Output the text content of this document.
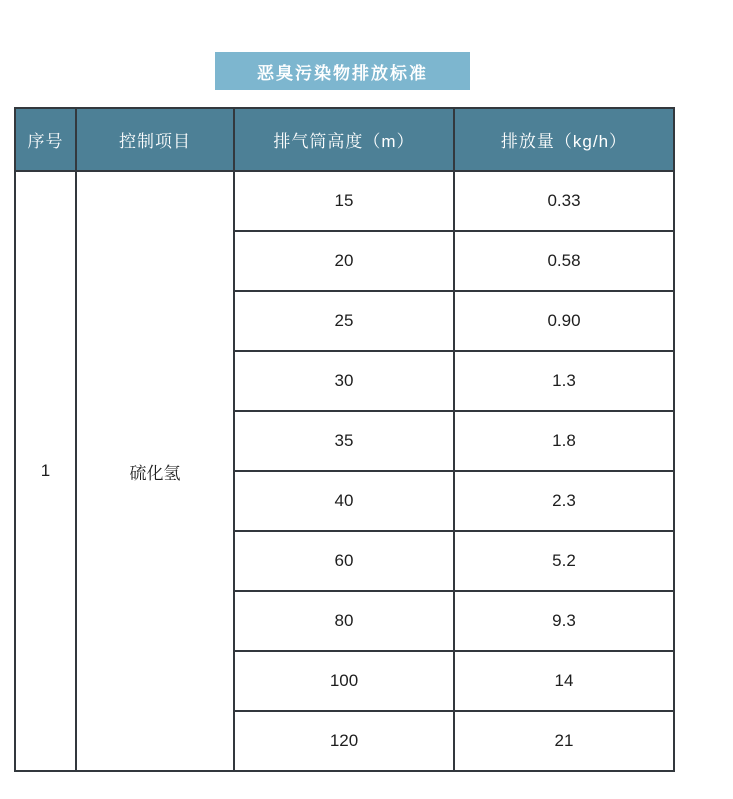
恶臭污染物排放标准
序号	控制项目	排气筒高度（m）	排放量（kg/h）
1	硫化氢	15	0.33
		20	0.58
		25	0.90
		30	1.3
		35	1.8
		40	2.3
		60	5.2
		80	9.3
		100	14
		120	21
